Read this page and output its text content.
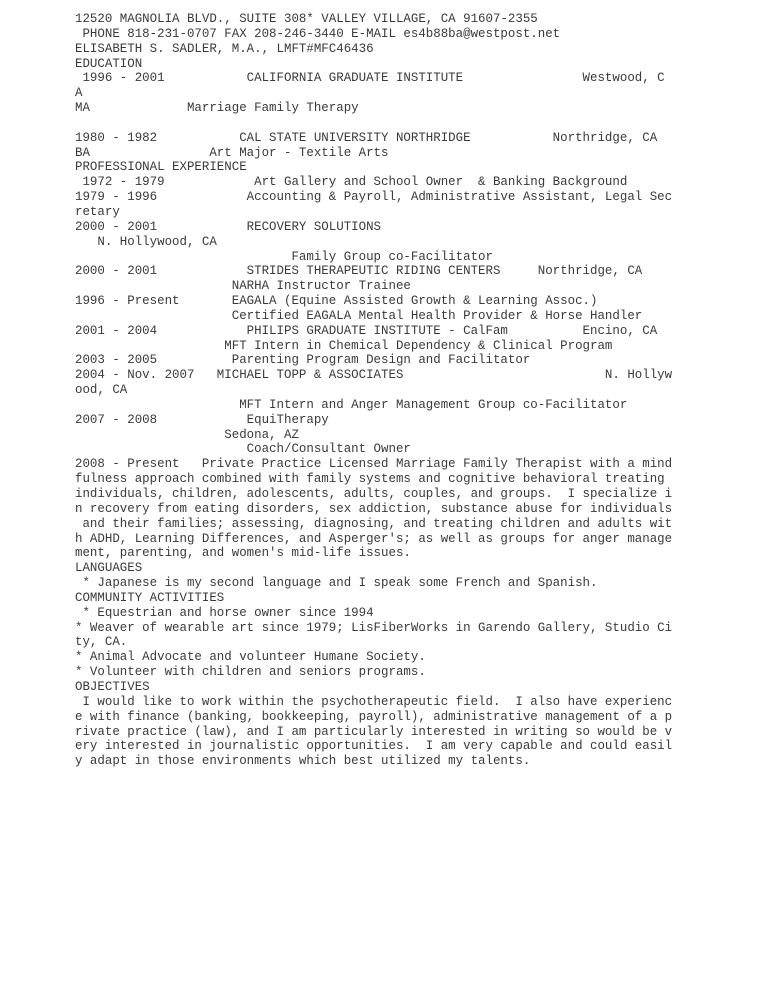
12520 MAGNOLIA BLVD., SUITE 308* VALLEY VILLAGE, CA 91607-2355
PHONE 818-231-0707 FAX 208-246-3440 E-MAIL es4b88ba@westpost.net
ELISABETH S. SADLER, M.A., LMFT#MFC46436
EDUCATION
1996 - 2001           CALIFORNIA GRADUATE INSTITUTE                Westwood, C
A
MA             Marriage Family Therapy
1980 - 1982           CAL STATE UNIVERSITY NORTHRIDGE           Northridge, CA
BA                Art Major - Textile Arts
PROFESSIONAL EXPERIENCE
1972 - 1979            Art Gallery and School Owner  & Banking Background
1979 - 1996            Accounting & Payroll, Administrative Assistant, Legal Sec
retary
2000 - 2001            RECOVERY SOLUTIONS
N. Hollywood, CA
Family Group co-Facilitator
2000 - 2001            STRIDES THERAPEUTIC RIDING CENTERS     Northridge, CA
NARHA Instructor Trainee
1996 - Present       EAGALA (Equine Assisted Growth & Learning Assoc.)
Certified EAGALA Mental Health Provider & Horse Handler
2001 - 2004            PHILIPS GRADUATE INSTITUTE - CalFam          Encino, CA
MFT Intern in Chemical Dependency & Clinical Program
2003 - 2005          Parenting Program Design and Facilitator
2004 - Nov. 2007   MICHAEL TOPP & ASSOCIATES                           N. Hollyw
ood, CA
MFT Intern and Anger Management Group co-Facilitator
2007 - 2008            EquiTherapy
Sedona, AZ
Coach/Consultant Owner
2008 - Present   Private Practice Licensed Marriage Family Therapist with a mind
fulness approach combined with family systems and cognitive behavioral treating
individuals, children, adolescents, adults, couples, and groups.  I specialize i
n recovery from eating disorders, sex addiction, substance abuse for individuals
and their families; assessing, diagnosing, and treating children and adults wit
h ADHD, Learning Differences, and Asperger's; as well as groups for anger manage
ment, parenting, and women's mid-life issues.
LANGUAGES
* Japanese is my second language and I speak some French and Spanish.
COMMUNITY ACTIVITIES
* Equestrian and horse owner since 1994
* Weaver of wearable art since 1979; LisFiberWorks in Garendo Gallery, Studio Ci
ty, CA.
* Animal Advocate and volunteer Humane Society.
* Volunteer with children and seniors programs.
OBJECTIVES
I would like to work within the psychotherapeutic field.  I also have experienc
e with finance (banking, bookkeeping, payroll), administrative management of a p
rivate practice (law), and I am particularly interested in writing so would be v
ery interested in journalistic opportunities.  I am very capable and could easil
y adapt in those environments which best utilized my talents.
